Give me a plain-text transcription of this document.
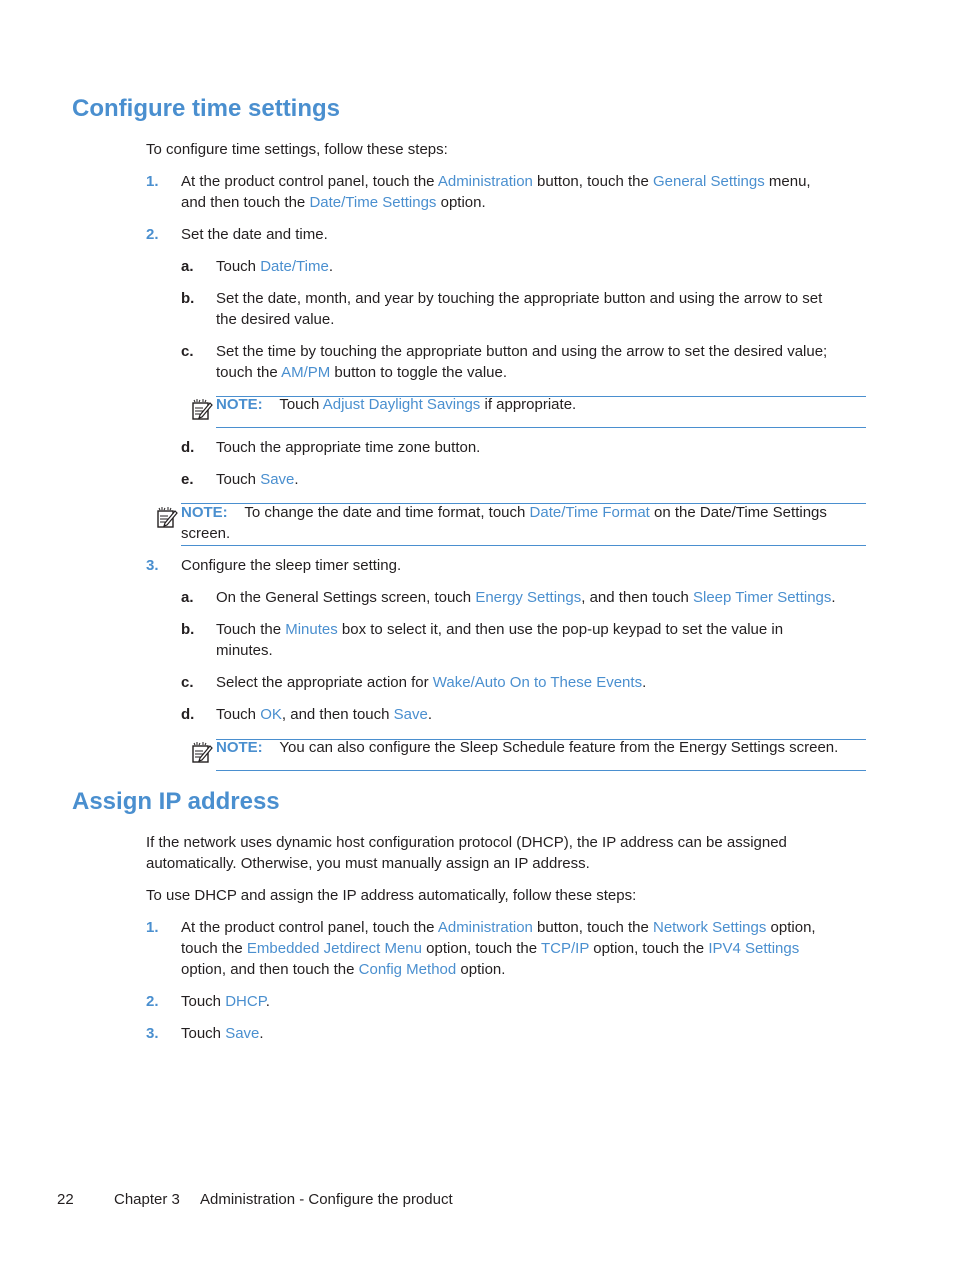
Configure time settings
To configure time settings, follow these steps:
1. At the product control panel, touch the Administration button, touch the General Settings menu,
and then touch the Date/Time Settings option.
2. Set the date and time.
a. Touch Date/Time.
b. Set the date, month, and year by touching the appropriate button and using the arrow to set
the desired value.
c. Set the time by touching the appropriate button and using the arrow to set the desired value;
touch the AM/PM button to toggle the value.
NOTE: Touch Adjust Daylight Savings if appropriate.
d. Touch the appropriate time zone button.
e. Touch Save.
NOTE: To change the date and time format, touch Date/Time Format on the Date/Time Settings
screen.
3. Configure the sleep timer setting.
a. On the General Settings screen, touch Energy Settings, and then touch Sleep Timer Settings.
b. Touch the Minutes box to select it, and then use the pop-up keypad to set the value in
minutes.
c. Select the appropriate action for Wake/Auto On to These Events.
d. Touch OK, and then touch Save.
NOTE: You can also configure the Sleep Schedule feature from the Energy Settings screen.
Assign IP address
If the network uses dynamic host configuration protocol (DHCP), the IP address can be assigned
automatically. Otherwise, you must manually assign an IP address.
To use DHCP and assign the IP address automatically, follow these steps:
1. At the product control panel, touch the Administration button, touch the Network Settings option,
touch the Embedded Jetdirect Menu option, touch the TCP/IP option, touch the IPV4 Settings
option, and then touch the Config Method option.
2. Touch DHCP.
3. Touch Save.
22	Chapter 3 Administration - Configure the product
